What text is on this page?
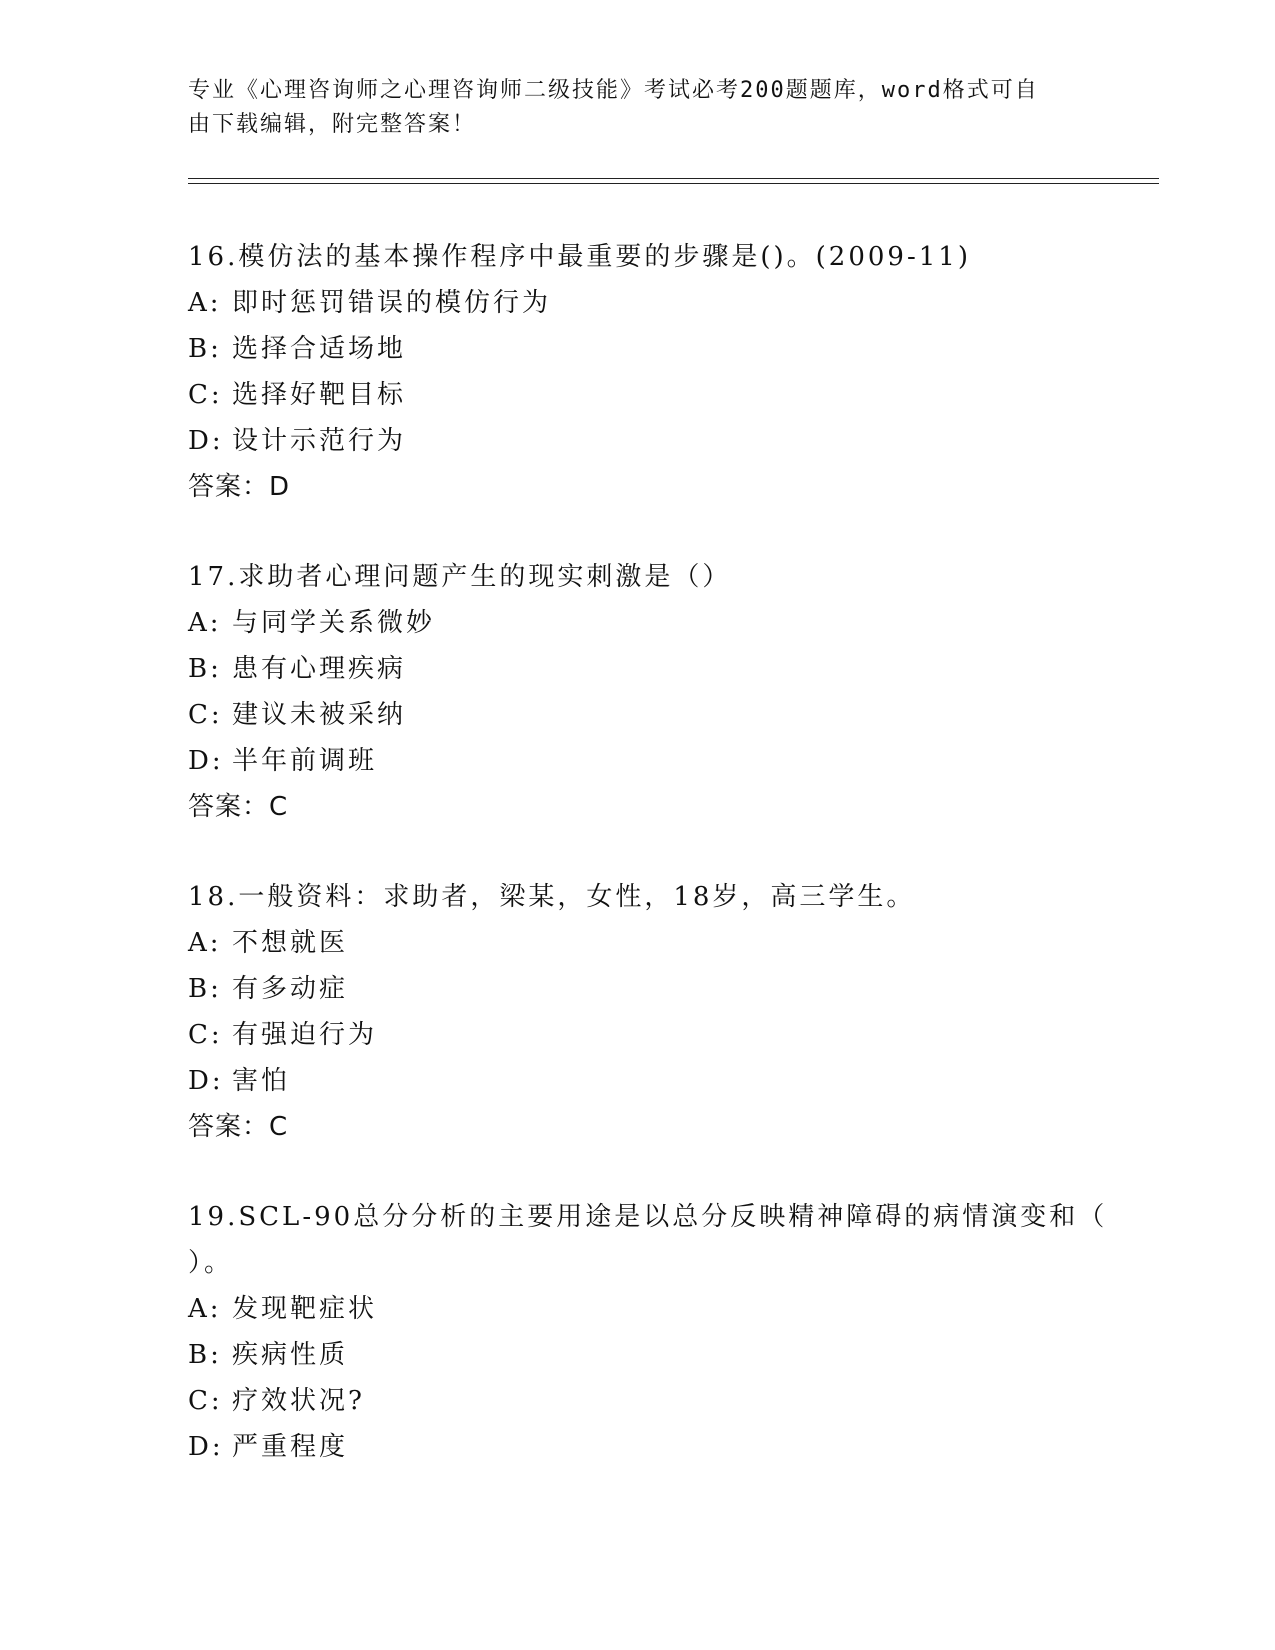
专业《心理咨询师之心理咨询师二级技能》考试必考200题题库，word格式可自
由下载编辑，附完整答案！
16.模仿法的基本操作程序中最重要的步骤是()。(2009-11)
A: 即时惩罚错误的模仿行为
B: 选择合适场地
C: 选择好靶目标
D: 设计示范行为
答案：D
17.求助者心理问题产生的现实刺激是（）
A: 与同学关系微妙
B: 患有心理疾病
C: 建议未被采纳
D: 半年前调班
答案：C
18.一般资料：求助者，梁某，女性，18岁，高三学生。
A: 不想就医
B: 有多动症
C: 有强迫行为
D: 害怕
答案：C
19.SCL-90总分分析的主要用途是以总分反映精神障碍的病情演变和（
）。
A: 发现靶症状
B: 疾病性质
C: 疗效状况?
D: 严重程度
